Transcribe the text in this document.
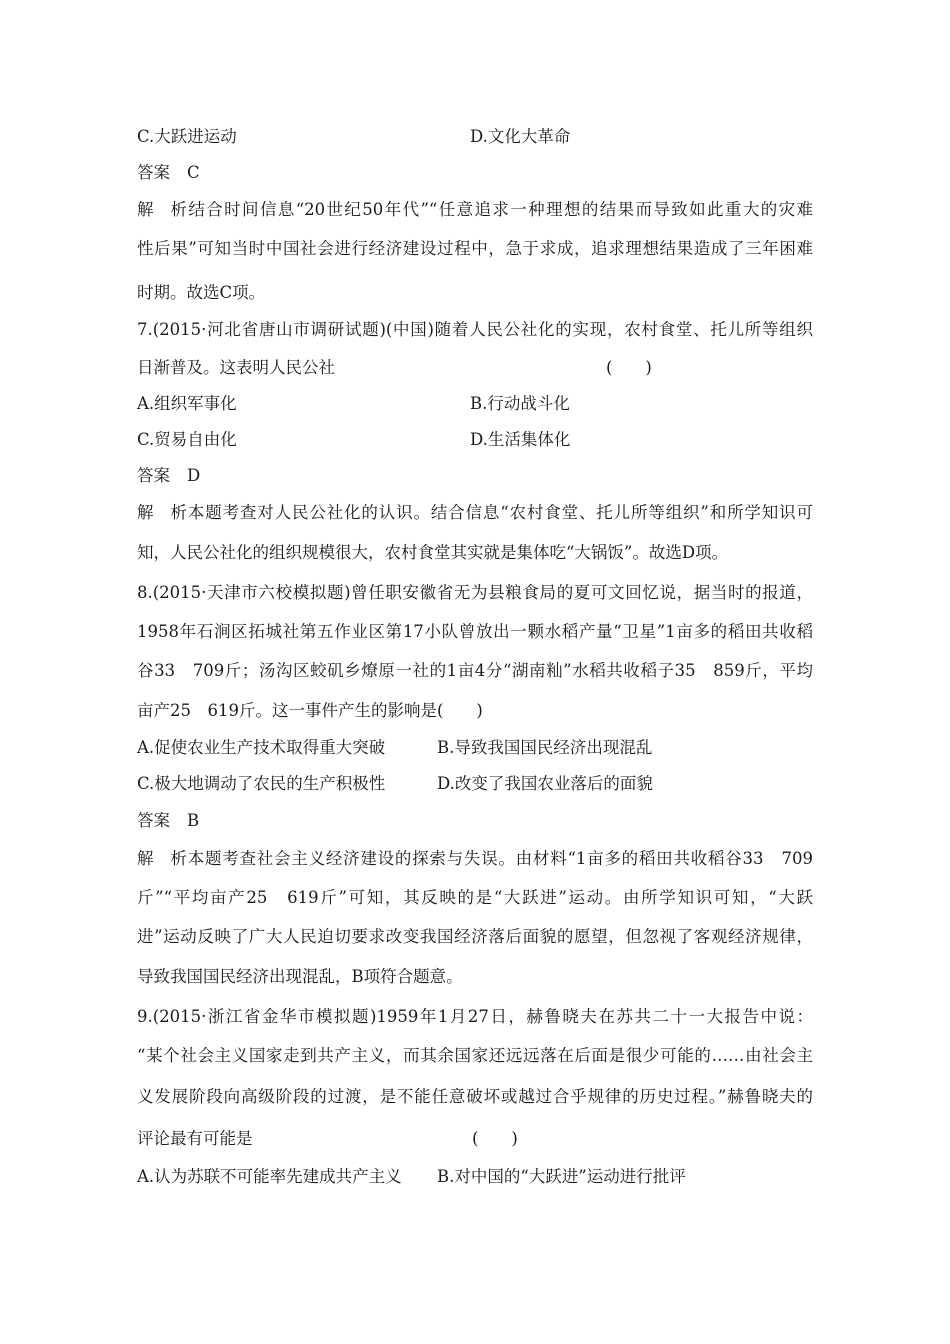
C.大跃进运动	D.文化大革命
答案 C
解析结合时间信息“20世纪50年代”“任意追求一种理想的结果而导致如此重大的灾难
性后果”可知当时中国社会进行经济建设过程中，急于求成，追求理想结果造成了三年困难
时期。故选C项。
7.(2015·河北省唐山市调研试题)(中国)随着人民公社化的实现，农村食堂、托儿所等组织
日渐普及。这表明人民公社	(　　)
A.组织军事化	B.行动战斗化
C.贸易自由化	D.生活集体化
答案 D
解析本题考查对人民公社化的认识。结合信息“农村食堂、托儿所等组织”和所学知识可
知，人民公社化的组织规模很大，农村食堂其实就是集体吃“大锅饭”。故选D项。
8.(2015·天津市六校模拟题)曾任职安徽省无为县粮食局的夏可文回忆说，据当时的报道，
1958年石涧区拓城社第五作业区第17小队曾放出一颗水稻产量“卫星”1亩多的稻田共收稻
谷33　709斤；汤沟区蛟矶乡燎原一社的1亩4分“湖南籼”水稻共收稻子35　859斤，平均
亩产25　619斤。这一事件产生的影响是(　　)
A.促使农业生产技术取得重大突破	B.导致我国国民经济出现混乱
C.极大地调动了农民的生产积极性	D.改变了我国农业落后的面貌
答案 B
解析本题考查社会主义经济建设的探索与失误。由材料“1亩多的稻田共收稻谷33　709
斤”“平均亩产25　619斤”可知，其反映的是“大跃进”运动。由所学知识可知，“大跃
进”运动反映了广大人民迫切要求改变我国经济落后面貌的愿望，但忽视了客观经济规律，
导致我国国民经济出现混乱，B项符合题意。
9.(2015·浙江省金华市模拟题)1959年1月27日，赫鲁晓夫在苏共二十一大报告中说：
“某个社会主义国家走到共产主义，而其余国家还远远落在后面是很少可能的……由社会主
义发展阶段向高级阶段的过渡，是不能任意破坏或越过合乎规律的历史过程。”赫鲁晓夫的
评论最有可能是	(　　)
A.认为苏联不可能率先建成共产主义 B.对中国的“大跃进”运动进行批评
